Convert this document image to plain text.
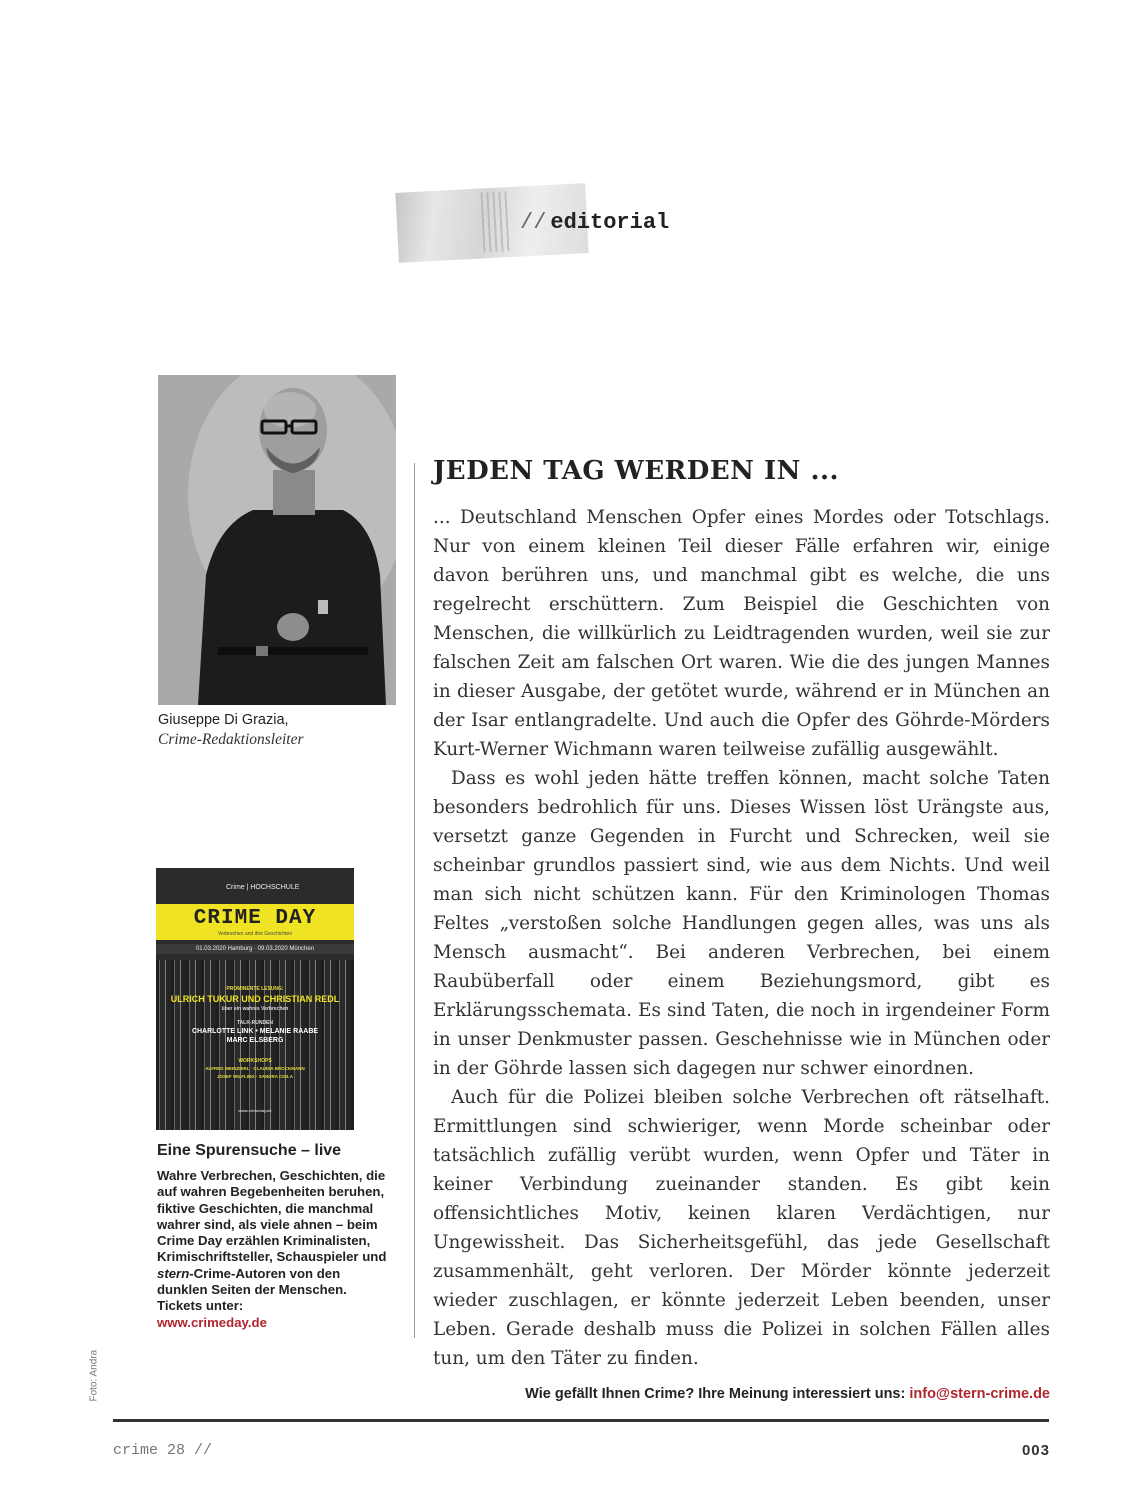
// editorial
Giuseppe Di Grazia,
Crime-Redaktionsleiter
Crime | HOCHSCHULE
CRIME DAY
Verbrechen und ihre Geschichten
01.03.2020 Hamburg · 09.03.2020 München
PROMINENTE LESUNG:
ULRICH TUKUR UND CHRISTIAN REDL
über ein wahres Verbrechen
TALK-RUNDEN
CHARLOTTE LINK • MELANIE RAABE
MARC ELSBERG
WORKSHOPS
ALFRED WEINZIERL · CLAUDIA BROCKMANN
JOSEF WILFLING · SANDRA CIGLA
www.crimeday.de
Eine Spurensuche – live
Wahre Verbrechen, Geschichten, die auf wahren Begebenheiten beruhen, fiktive Geschichten, die manchmal wahrer sind, als viele ahnen – beim Crime Day erzählen Kriminalisten, Krimischriftsteller, Schauspieler und stern-Crime-Autoren von den dunklen Seiten der Menschen. Tickets unter:
www.crimeday.de
Foto: Andra
JEDEN TAG WERDEN IN ...

... Deutschland Menschen Opfer eines Mordes oder Totschlags. Nur von einem kleinen Teil dieser Fälle erfahren wir, einige davon berühren uns, und manchmal gibt es welche, die uns regelrecht erschüttern. Zum Beispiel die Geschichten von Menschen, die willkürlich zu Leidtragenden wurden, weil sie zur falschen Zeit am falschen Ort waren. Wie die des jungen Mannes in dieser Ausgabe, der getötet wurde, während er in München an der Isar entlangradelte. Und auch die Opfer des Göhrde-Mörders Kurt-Werner Wichmann waren teilweise zufällig ausgewählt.

Dass es wohl jeden hätte treffen können, macht solche Taten besonders bedrohlich für uns. Dieses Wissen löst Urängste aus, versetzt ganze Gegenden in Furcht und Schrecken, weil sie scheinbar grundlos passiert sind, wie aus dem Nichts. Und weil man sich nicht schützen kann. Für den Kriminologen Thomas Feltes „verstoßen solche Handlungen gegen alles, was uns als Mensch ausmacht“. Bei anderen Verbrechen, bei einem Raubüberfall oder einem Beziehungsmord, gibt es Erklärungsschemata. Es sind Taten, die noch in irgendeiner Form in unser Denkmuster passen. Geschehnisse wie in München oder in der Göhrde lassen sich dagegen nur schwer einordnen.

Auch für die Polizei bleiben solche Verbrechen oft rätselhaft. Ermittlungen sind schwieriger, wenn Morde scheinbar oder tatsächlich zufällig verübt wurden, wenn Opfer und Täter in keiner Verbindung zueinander standen. Es gibt kein offensichtliches Motiv, keinen klaren Verdächtigen, nur Ungewissheit. Das Sicherheitsgefühl, das jede Gesellschaft zusammenhält, geht verloren. Der Mörder könnte jederzeit wieder zuschlagen, er könnte jederzeit Leben beenden, unser Leben. Gerade deshalb muss die Polizei in solchen Fällen alles tun, um den Täter zu finden.

Wie gefällt Ihnen Crime? Ihre Meinung interessiert uns: info@stern-crime.de
crime 28 //	003
